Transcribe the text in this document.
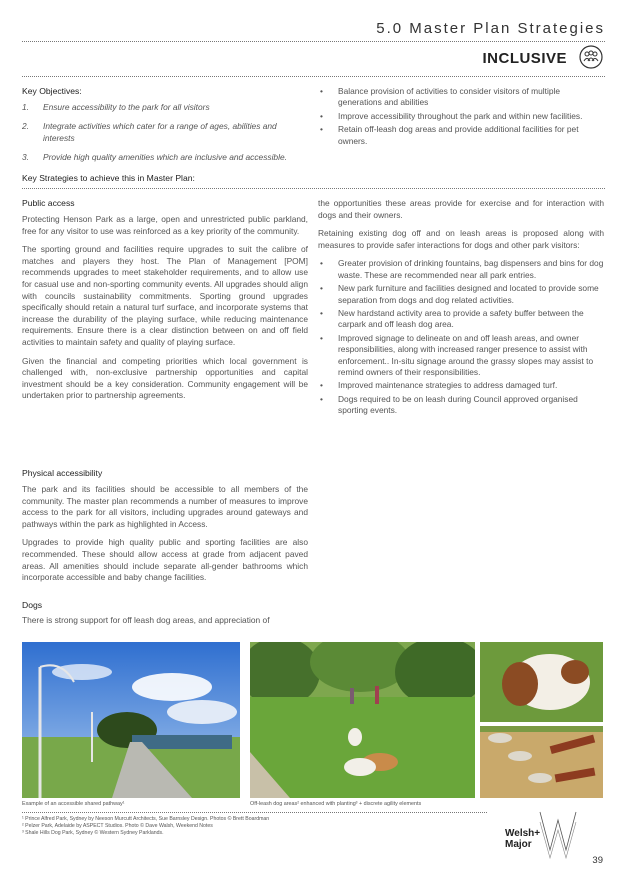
5.0 Master Plan Strategies
INCLUSIVE
Key Objectives:
1. Ensure accessibility to the park for all visitors
2. Integrate activities which cater for a range of ages, abilities and interests
3. Provide high quality amenities which are inclusive and accessible.
• Balance provision of activities to consider visitors of multiple generations and abilities
• Improve accessibility throughout the park and within new facilities.
• Retain off-leash dog areas and provide additional facilities for pet owners.
Key Strategies to achieve this in Master Plan:
Public access

Protecting Henson Park as a large, open and unrestricted public parkland, free for any visitor to use was reinforced as a key priority of the community.

The sporting ground and facilities require upgrades to suit the calibre of matches and players they host. The Plan of Management [POM] recommends upgrades to meet stakeholder requirements, and to allow use for casual use and non-sporting community events. All upgrades should align with councils sustainability commitments. Sporting ground upgrades specifically should retain a natural turf surface, and incorporate systems that increase the durability of the playing surface, while reducing maintenance requirements. Ensure there is a clear distinction between on and off field activities to maintain safety and quality of playing surface.

Given the financial and competing priorities which local government is challenged with, non-exclusive partnership opportunities and capital investment should be a key consideration. Community engagement will be undertaken prior to partnership agreements.

Physical accessibility

The park and its facilities should be accessible to all members of the community. The master plan recommends a number of measures to improve access to the park for all visitors, including upgrades around gateways and pathways within the park as highlighted in Access.

Upgrades to provide high quality public and sporting facilities are also recommended. These should allow access at grade from adjacent paved areas. All amenities should include separate all-gender bathrooms which incorporate accessible and baby change facilities.

Dogs

There is strong support for off leash dog areas, and appreciation of

the opportunities these areas provide for exercise and for interaction with dogs and their owners.

Retaining existing dog off and on leash areas is proposed along with measures to provide safer interactions for dogs and other park visitors:

• Greater provision of drinking fountains, bag dispensers and bins for dog waste. These are recommended near all park entries.
• New park furniture and facilities designed and located to provide some separation from dogs and dog related activities.
• New hardstand activity area to provide a safety buffer between the carpark and off leash dog area.
• Improved signage to delineate on and off leash areas, and owner responsibilities, along with increased ranger presence to assist with enforcement.. In-situ signage around the grassy slopes may assist to remind owners of their responsibilities.
• Improved maintenance strategies to address damaged turf.
• Dogs required to be on leash during Council approved organised sporting events.
Example of an accessible shared pathway¹	Off-leash dog areas² enhanced with planting³ + discrete agility elements
¹ Prince Alfred Park, Sydney by Neeson Murcutt Architects, Sue Barnsley Design. Photos © Brett Boardman
² Pelzer Park, Adelaide by ASPECT Studios. Photo © Dave Walsh, Weekend Notes
³ Shale Hills Dog Park, Sydney © Western Sydney Parklands.	Welsh+
Major
39
